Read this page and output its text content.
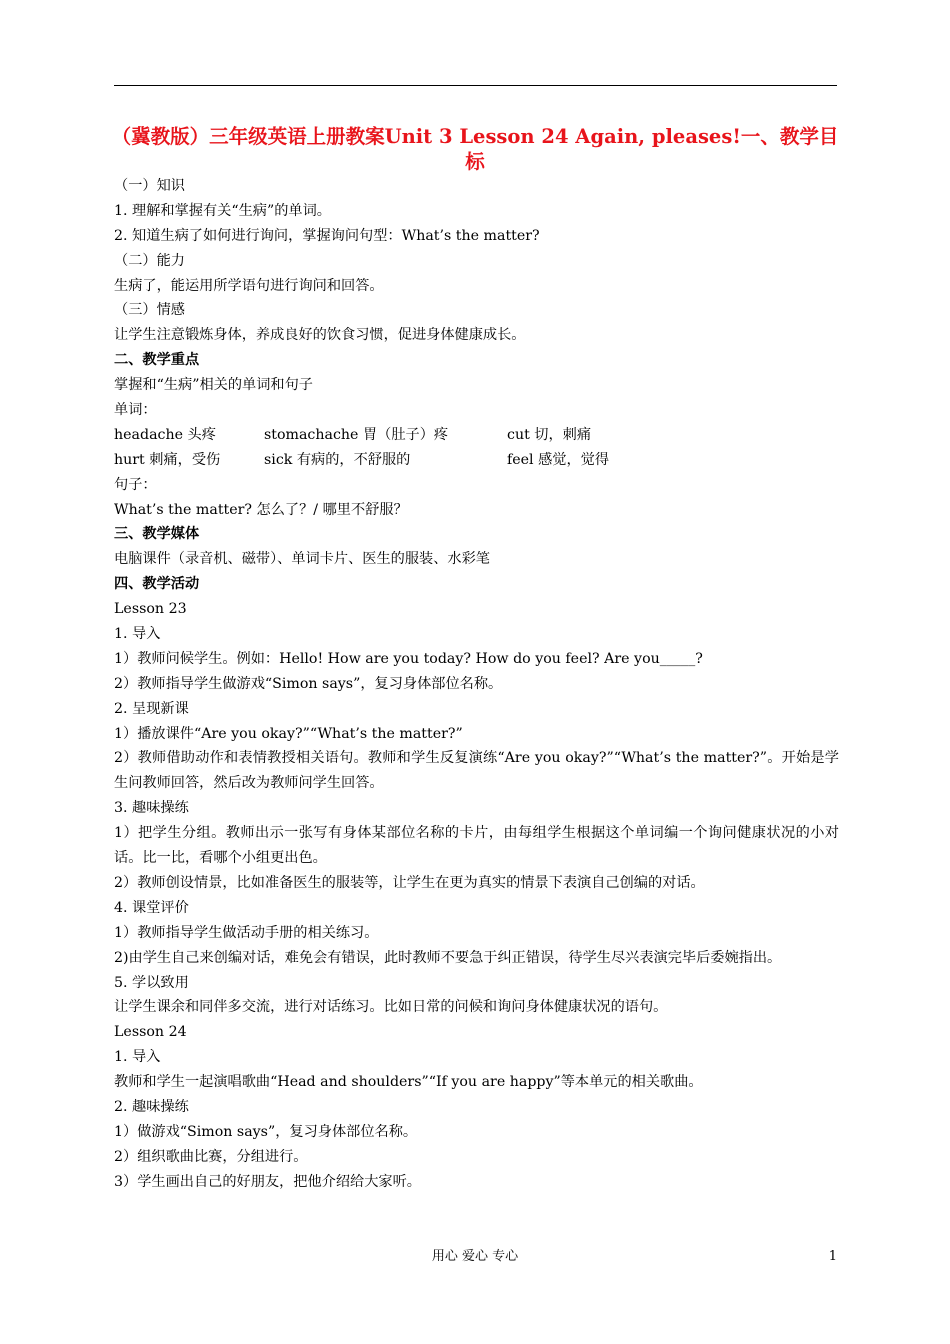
（冀教版）三年级英语上册教案Unit 3 Lesson 24 Again, pleases!一、教学目标
（一）知识
1. 理解和掌握有关“生病”的单词。
2. 知道生病了如何进行询问，掌握询问句型：What’s the matter?
（二）能力
生病了，能运用所学语句进行询问和回答。
（三）情感
让学生注意锻炼身体，养成良好的饮食习惯，促进身体健康成长。
二、教学重点
掌握和“生病”相关的单词和句子
单词：
headache 头疼	stomachache 胃（肚子）疼	cut 切，刺痛
hurt 刺痛，受伤	sick 有病的，不舒服的	feel 感觉，觉得
句子：
What’s the matter? 怎么了？/ 哪里不舒服？
三、教学媒体
电脑课件（录音机、磁带）、单词卡片、医生的服装、水彩笔
四、教学活动
Lesson 23
1. 导入
1）教师问候学生。例如：Hello! How are you today? How do you feel? Are you_____?
2）教师指导学生做游戏“Simon says”，复习身体部位名称。
2. 呈现新课
1）播放课件“Are you okay?”“What’s the matter?”
2）教师借助动作和表情教授相关语句。教师和学生反复演练“Are you okay?”“What’s the matter?”。开始是学生问教师回答，然后改为教师问学生回答。
3. 趣味操练
1）把学生分组。教师出示一张写有身体某部位名称的卡片，由每组学生根据这个单词编一个询问健康状况的小对话。比一比，看哪个小组更出色。
2）教师创设情景，比如准备医生的服装等，让学生在更为真实的情景下表演自己创编的对话。
4. 课堂评价
1）教师指导学生做活动手册的相关练习。
2)由学生自己来创编对话，难免会有错误，此时教师不要急于纠正错误，待学生尽兴表演完毕后委婉指出。
5. 学以致用
让学生课余和同伴多交流，进行对话练习。比如日常的问候和询问身体健康状况的语句。
Lesson 24
1. 导入
教师和学生一起演唱歌曲“Head and shoulders”“If you are happy”等本单元的相关歌曲。
2. 趣味操练
1）做游戏“Simon says”，复习身体部位名称。
2）组织歌曲比赛，分组进行。
3）学生画出自己的好朋友，把他介绍给大家听。
用心 爱心 专心	1
